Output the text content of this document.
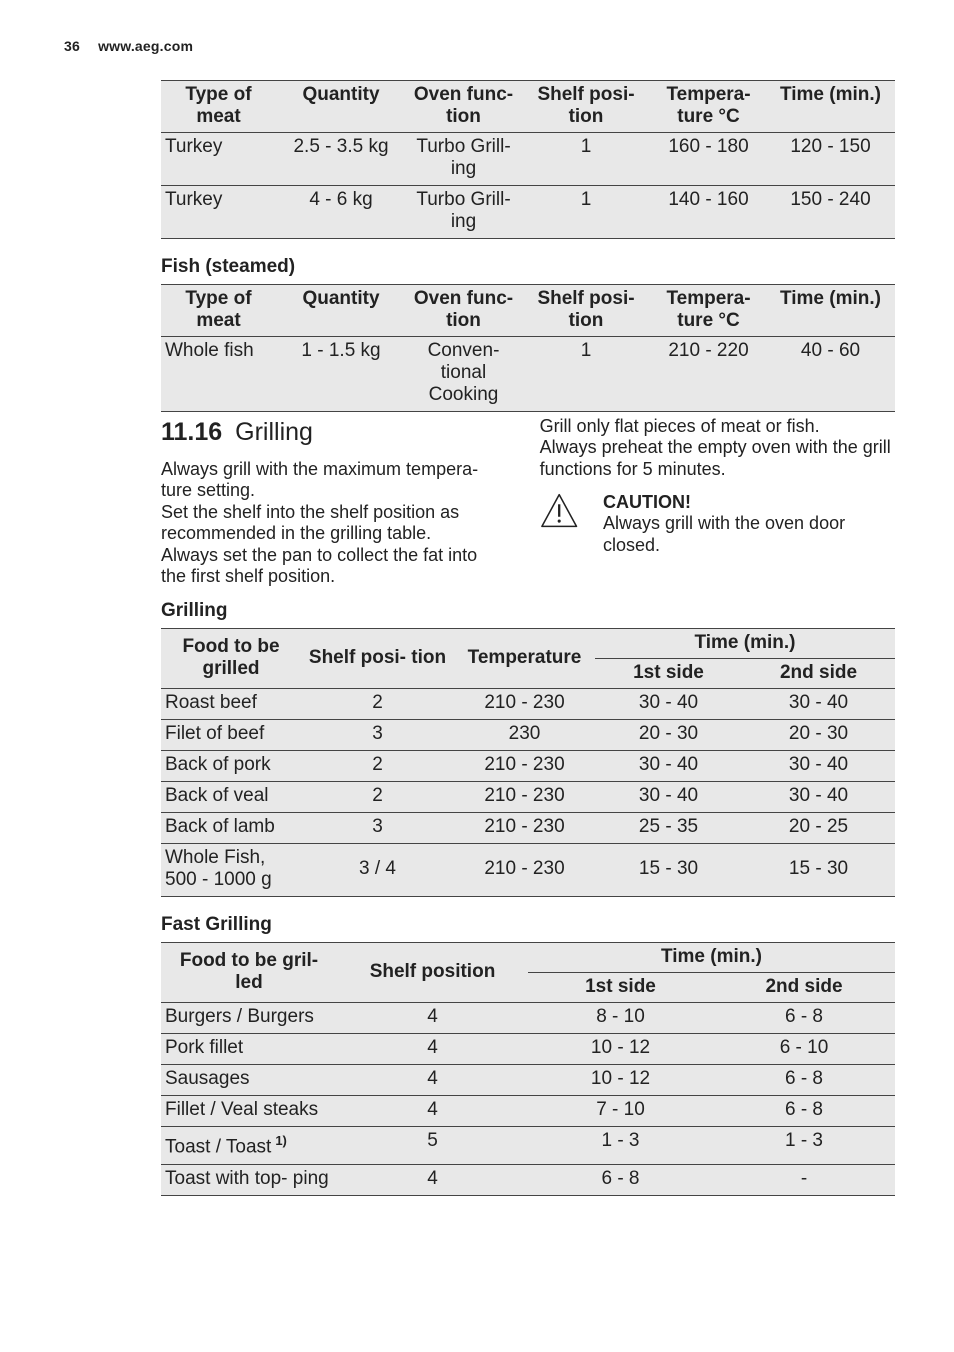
36 www.aeg.com
Type of meat	Quantity	Oven func- tion	Shelf posi- tion	Tempera- ture °C	Time (min.)
Turkey	2.5 - 3.5 kg	Turbo Grill- ing	1	160 - 180	120 - 150
Turkey	4 - 6 kg	Turbo Grill- ing	1	140 - 160	150 - 240
Fish (steamed)
Type of meat	Quantity	Oven func- tion	Shelf posi- tion	Tempera- ture °C	Time (min.)
Whole fish	1 - 1.5 kg	Conven- tional Cooking	1	210 - 220	40 - 60
11.16 Grilling
Always grill with the maximum tempera- ture setting.
Set the shelf into the shelf position as recommended in the grilling table.
Always set the pan to collect the fat into the first shelf position.
Grill only flat pieces of meat or fish.
Always preheat the empty oven with the grill functions for 5 minutes.
CAUTION!
Always grill with the oven door closed.
Grilling
Food to be grilled	Shelf posi- tion	Temperature	Time (min.)	
			1st side	2nd side
Roast beef	2	210 - 230	30 - 40	30 - 40
Filet of beef	3	230	20 - 30	20 - 30
Back of pork	2	210 - 230	30 - 40	30 - 40
Back of veal	2	210 - 230	30 - 40	30 - 40
Back of lamb	3	210 - 230	25 - 35	20 - 25
Whole Fish, 500 - 1000 g	3 / 4	210 - 230	15 - 30	15 - 30
Fast Grilling
Food to be gril- led	Shelf position	Time (min.)	
		1st side	2nd side
Burgers / Burgers	4	8 - 10	6 - 8
Pork fillet	4	10 - 12	6 - 10
Sausages	4	10 - 12	6 - 8
Fillet / Veal steaks	4	7 - 10	6 - 8
Toast / Toast $^{1)}$	5	1 - 3	1 - 3
Toast with top- ping	4	6 - 8	-
